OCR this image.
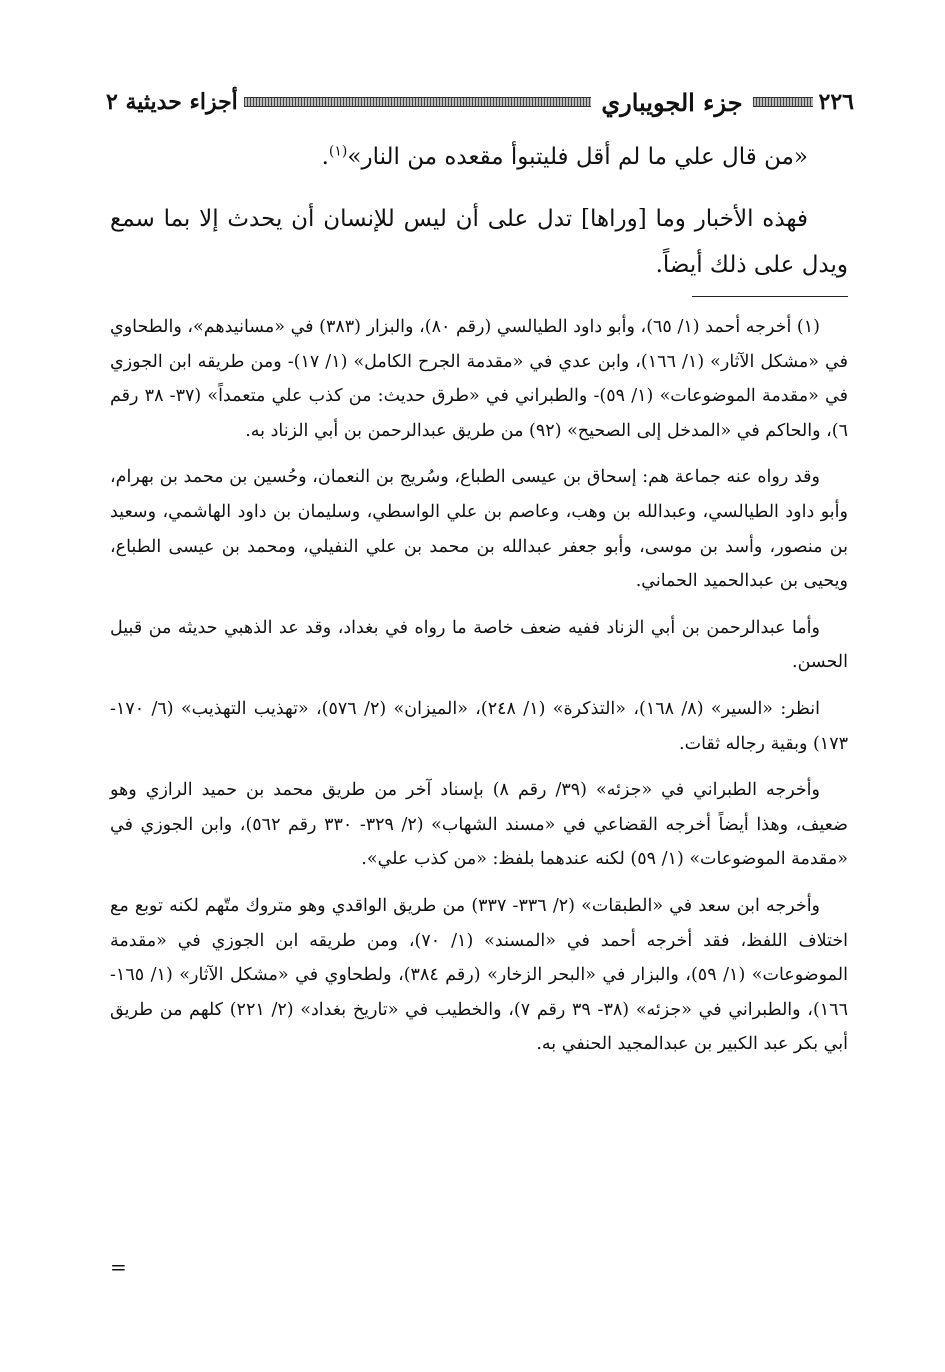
٢٢٦
جزء الجويباري
أجزاء حديثية ٢

«من قال علي ما لم أقل فليتبوأ مقعده من النار»$^{(١)}$.

فهذه الأخبار وما [وراها] تدل على أن ليس للإنسان أن يحدث إلا بما سمع ويدل على ذلك أيضاً.

(١) أخرجه أحمد (١/ ٦٥)، وأبو داود الطيالسي (رقم ٨٠)، والبزار (٣٨٣) في «مسانيدهم»، والطحاوي في «مشكل الآثار» (١/ ١٦٦)، وابن عدي في «مقدمة الجرح الكامل» (١/ ١٧)- ومن طريقه ابن الجوزي في «مقدمة الموضوعات» (١/ ٥٩)- والطبراني في «طرق حديث: من كذب علي متعمداً» (٣٧- ٣٨ رقم ٦)، والحاكم في «المدخل إلى الصحيح» (٩٢) من طريق عبدالرحمن بن أبي الزناد به.

وقد رواه عنه جماعة هم: إسحاق بن عيسى الطباع، وسُريج بن النعمان، وحُسين بن محمد بن بهرام، وأبو داود الطيالسي، وعبدالله بن وهب، وعاصم بن علي الواسطي، وسليمان بن داود الهاشمي، وسعيد بن منصور، وأسد بن موسى، وأبو جعفر عبدالله بن محمد بن علي النفيلي، ومحمد بن عيسى الطباع، ويحيى بن عبدالحميد الحماني.

وأما عبدالرحمن بن أبي الزناد ففيه ضعف خاصة ما رواه في بغداد، وقد عد الذهبي حديثه من قبيل الحسن.

انظر: «السير» (٨/ ١٦٨)، «التذكرة» (١/ ٢٤٨)، «الميزان» (٢/ ٥٧٦)، «تهذيب التهذيب» (٦/ ١٧٠- ١٧٣) وبقية رجاله ثقات.

وأخرجه الطبراني في «جزئه» (٣٩/ رقم ٨) بإسناد آخر من طريق محمد بن حميد الرازي وهو ضعيف، وهذا أيضاً أخرجه القضاعي في «مسند الشهاب» (٢/ ٣٢٩- ٣٣٠ رقم ٥٦٢)، وابن الجوزي في «مقدمة الموضوعات» (١/ ٥٩) لكنه عندهما بلفظ: «من كذب علي».

وأخرجه ابن سعد في «الطبقات» (٢/ ٣٣٦- ٣٣٧) من طريق الواقدي وهو متروك متّهم لكنه توبع مع اختلاف اللفظ، فقد أخرجه أحمد في «المسند» (١/ ٧٠)، ومن طريقه ابن الجوزي في «مقدمة الموضوعات» (١/ ٥٩)، والبزار في «البحر الزخار» (رقم ٣٨٤)، ولطحاوي في «مشكل الآثار» (١/ ١٦٥- ١٦٦)، والطبراني في «جزئه» (٣٨- ٣٩ رقم ٧)، والخطيب في «تاريخ بغداد» (٢/ ٢٢١) كلهم من طريق أبي بكر عبد الكبير بن عبدالمجيد الحنفي به.

=
